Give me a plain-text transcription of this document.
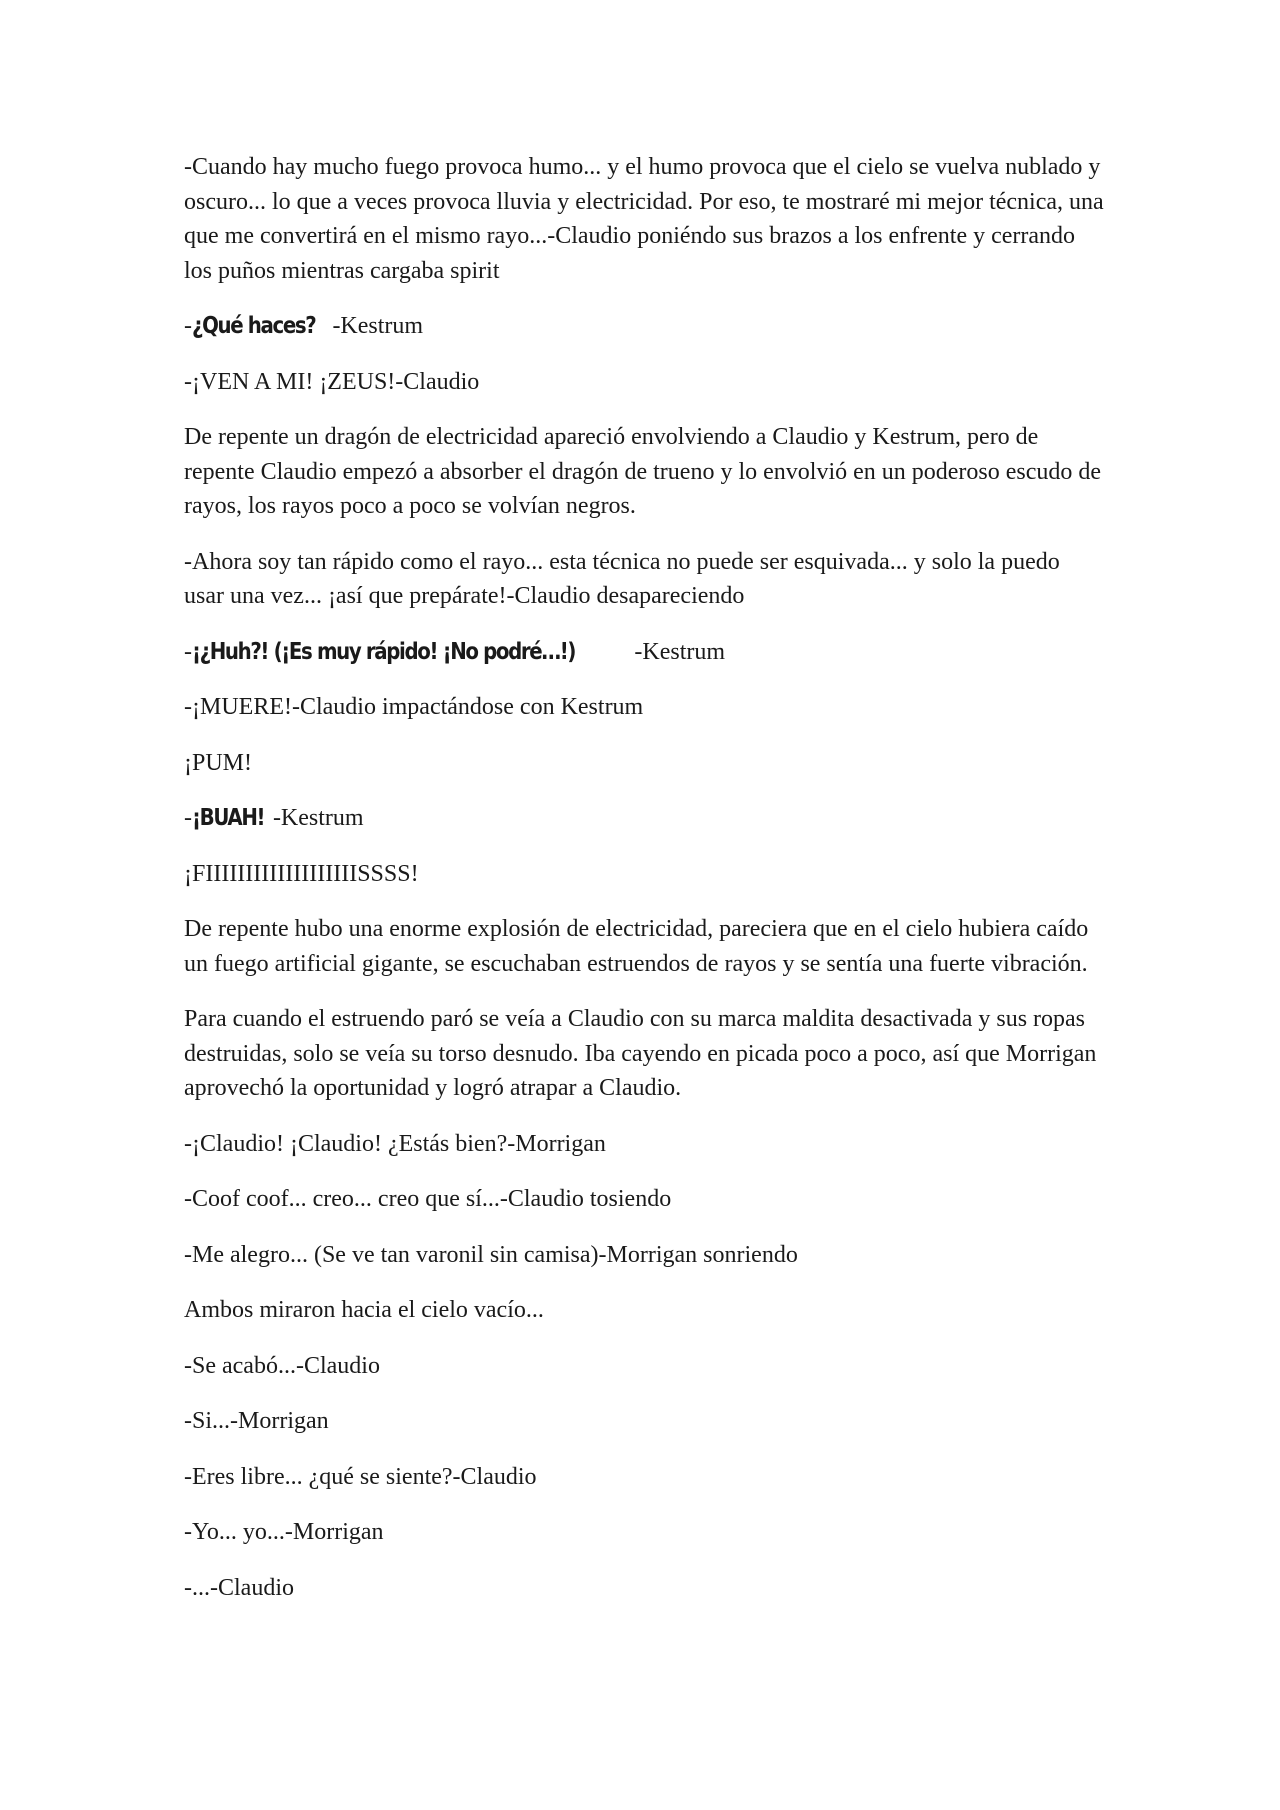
-Cuando hay mucho fuego provoca humo... y el humo provoca que el cielo se vuelva nublado y oscuro... lo que a veces provoca lluvia y electricidad. Por eso, te mostraré mi mejor técnica, una que me convertirá en el mismo rayo...-Claudio poniéndo sus brazos a los enfrente y cerrando los puños mientras cargaba spirit

-¿Qué haces? -Kestrum

-¡VEN A MI! ¡ZEUS!-Claudio

De repente un dragón de electricidad apareció envolviendo a Claudio y Kestrum, pero de repente Claudio empezó a absorber el dragón de trueno y lo envolvió en un poderoso escudo de rayos, los rayos poco a poco se volvían negros.

-Ahora soy tan rápido como el rayo... esta técnica no puede ser esquivada... y solo la puedo usar una vez... ¡así que prepárate!-Claudio desapareciendo

-¡¿Huh?! (¡Es muy rápido! ¡No podré…!) -Kestrum

-¡MUERE!-Claudio impactándose con Kestrum

¡PUM!

-¡BUAH! -Kestrum

¡FIIIIIIIIIIIIIIIIIIISSSS!

De repente hubo una enorme explosión de electricidad, pareciera que en el cielo hubiera caído un fuego artificial gigante, se escuchaban estruendos de rayos y se sentía una fuerte vibración.

Para cuando el estruendo paró se veía a Claudio con su marca maldita desactivada y sus ropas destruidas, solo se veía su torso desnudo. Iba cayendo en picada poco a poco, así que Morrigan aprovechó la oportunidad y logró atrapar a Claudio.

-¡Claudio! ¡Claudio! ¿Estás bien?-Morrigan

-Coof coof... creo... creo que sí...-Claudio tosiendo

-Me alegro... (Se ve tan varonil sin camisa)-Morrigan sonriendo

Ambos miraron hacia el cielo vacío...

-Se acabó...-Claudio

-Si...-Morrigan

-Eres libre... ¿qué se siente?-Claudio

-Yo... yo...-Morrigan

-...-Claudio
